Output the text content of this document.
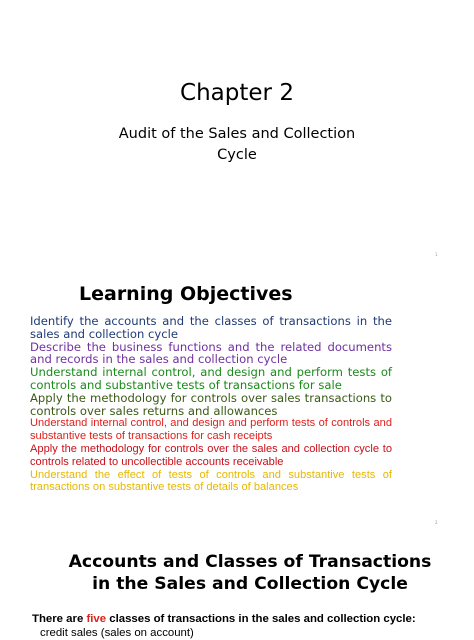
Chapter 2
Audit of the Sales and Collection
Cycle
1
Learning Objectives
Identify the accounts and the classes of transactions in the sales and collection cycle
Describe the business functions and the related documents and records in the sales and collection cycle
Understand internal control, and design and perform tests of controls and substantive tests of transactions for sale
Apply the methodology for controls over sales transactions to controls over sales returns and allowances
Understand internal control, and design and perform tests of controls and substantive tests of transactions for cash receipts
Apply the methodology for controls over the sales and collection cycle to controls related to uncollectible accounts receivable
Understand the effect of tests of controls and substantive tests of transactions on substantive tests of details of balances
2
Accounts and Classes of Transactions
in the Sales and Collection Cycle
There are five classes of transactions in the sales and collection cycle:
credit sales (sales on account)
